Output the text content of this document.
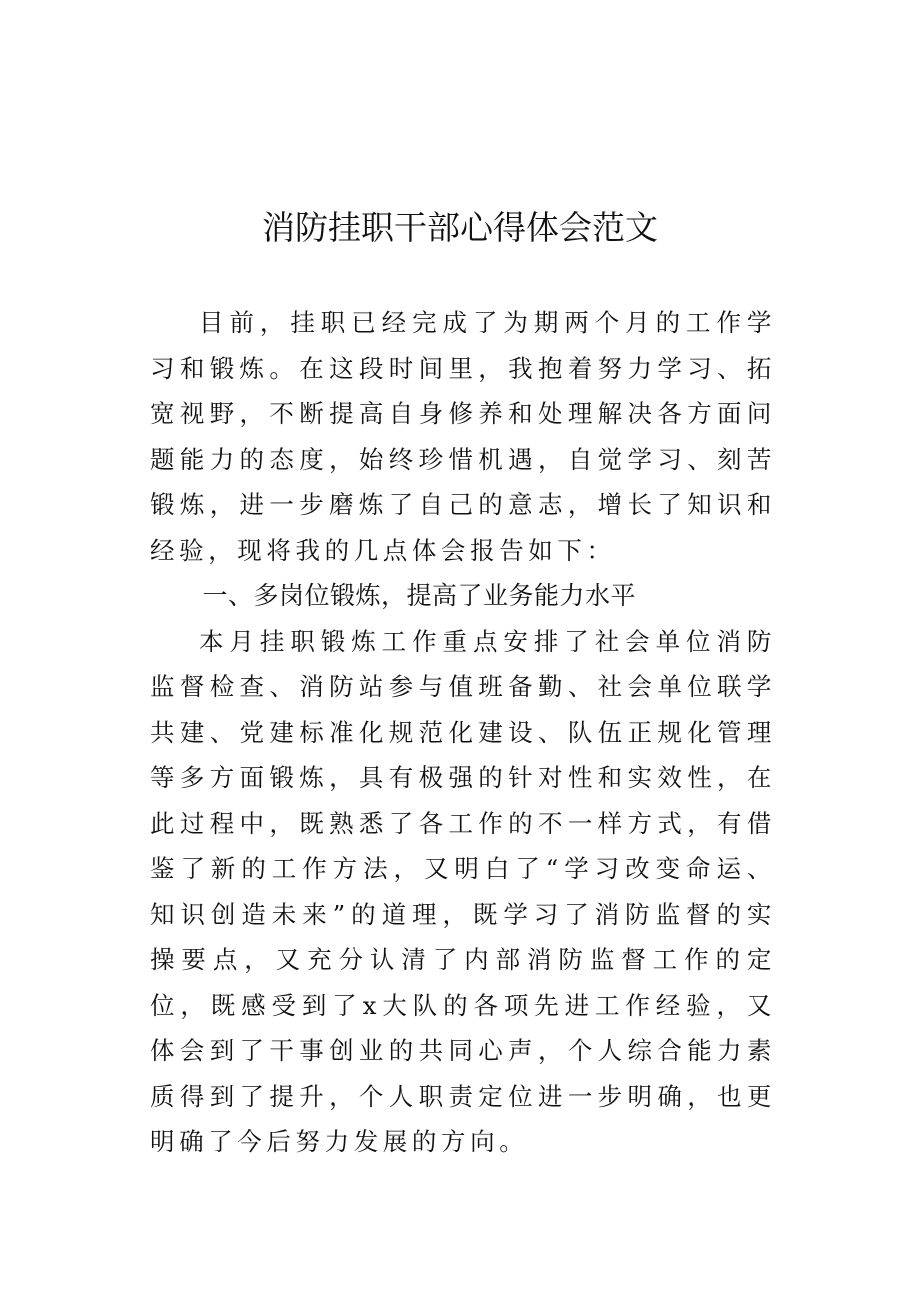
消防挂职干部心得体会范文

目前，挂职已经完成了为期两个月的工作学习和锻炼。在这段时间里，我抱着努力学习、拓宽视野，不断提高自身修养和处理解决各方面问题能力的态度，始终珍惜机遇，自觉学习、刻苦锻炼，进一步磨炼了自己的意志，增长了知识和经验，现将我的几点体会报告如下：

一、多岗位锻炼，提高了业务能力水平

本月挂职锻炼工作重点安排了社会单位消防监督检查、消防站参与值班备勤、社会单位联学共建、党建标准化规范化建设、队伍正规化管理等多方面锻炼，具有极强的针对性和实效性，在此过程中，既熟悉了各工作的不一样方式，有借鉴了新的工作方法，又明白了“学习改变命运、知识创造未来”的道理，既学习了消防监督的实操要点，又充分认清了内部消防监督工作的定位，既感受到了x大队的各项先进工作经验，又体会到了干事创业的共同心声，个人综合能力素质得到了提升，个人职责定位进一步明确，也更明确了今后努力发展的方向。
